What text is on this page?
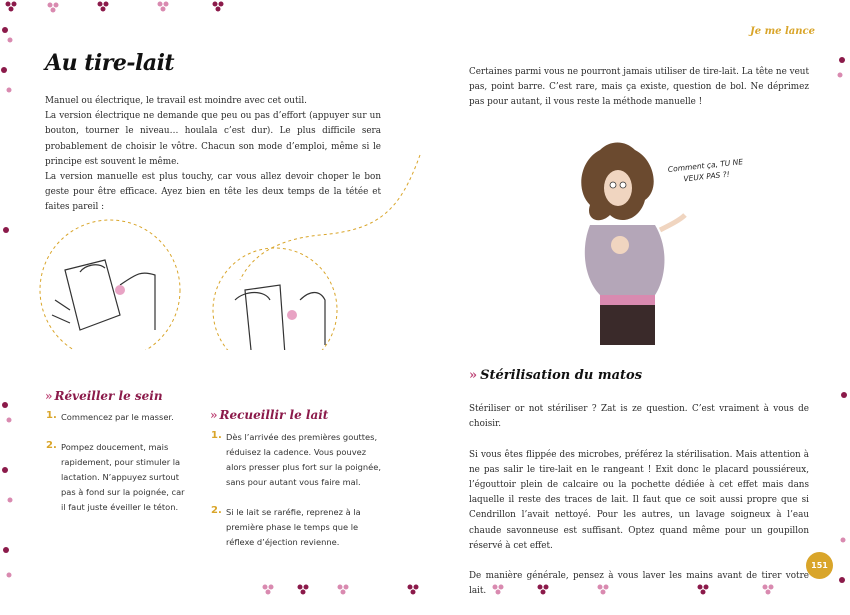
Je me lance
Au tire-lait

Manuel ou électrique, le travail est moindre avec cet outil.

La version électrique ne demande que peu ou pas d’effort (appuyer sur un bouton, tourner le niveau… houlala c’est dur). Le plus difficile sera probablement de choisir le vôtre. Chacun son mode d’emploi, même si le principe est souvent le même.

La version manuelle est plus touchy, car vous allez devoir choper le bon geste pour être efficace. Ayez bien en tête les deux temps de la tétée et faites pareil :

» Réveiller le sein
1. Commencez par le masser.
2. Pompez doucement, mais rapidement, pour stimuler la lactation. N’appuyez surtout pas à fond sur la poignée, car il faut juste éveiller le téton.
» Recueillir le lait
1. Dès l’arrivée des premières gouttes, réduisez la cadence. Vous pouvez alors presser plus fort sur la poignée, sans pour autant vous faire mal.
2. Si le lait se raréfie, reprenez à la première phase le temps que le réflexe d’éjection revienne.

Certaines parmi vous ne pourront jamais utiliser de tire-lait. La tête ne veut pas, point barre. C’est rare, mais ça existe, question de bol. Ne déprimez pas pour autant, il vous reste la méthode manuelle !

Comment ça, TU NE VEUX PAS ?!
» Stérilisation du matos

Stériliser or not stériliser ? Zat is ze question. C’est vraiment à vous de choisir.

Si vous êtes flippée des microbes, préférez la stérilisation. Mais attention à ne pas salir le tire-lait en le rangeant ! Exit donc le placard poussiéreux, l’égouttoir plein de calcaire ou la pochette dédiée à cet effet mais dans laquelle il reste des traces de lait. Il faut que ce soit aussi propre que si Cendrillon l’avait nettoyé. Pour les autres, un lavage soigneux à l’eau chaude savonneuse est suffisant. Optez quand même pour un goupillon réservé à cet effet.

De manière générale, pensez à vous laver les mains avant de tirer votre lait.

151
